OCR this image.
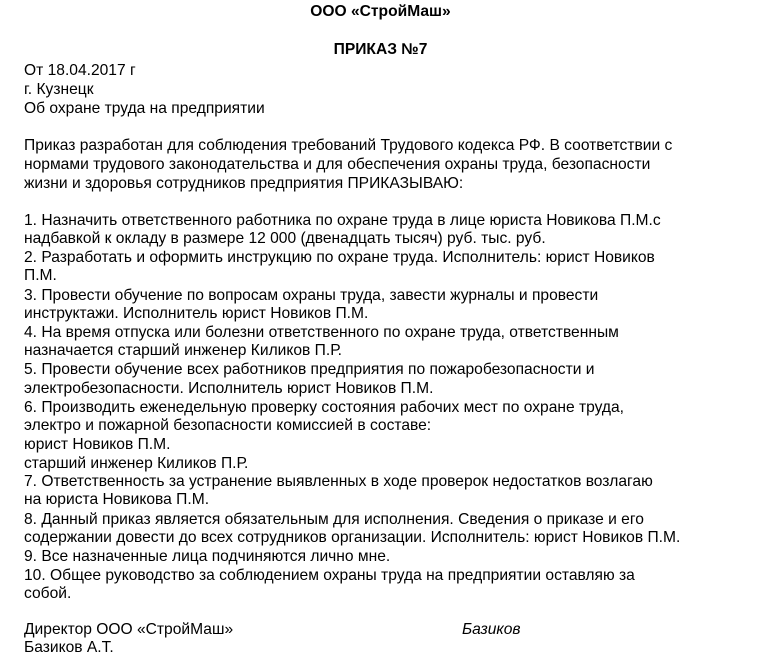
ООО «СтройМаш»
ПРИКАЗ №7
От 18.04.2017 г
г. Кузнецк
Об охране труда на предприятии
Приказ разработан для соблюдения требований Трудового кодекса РФ. В соответствии с
нормами трудового законодательства и для обеспечения охраны труда, безопасности
жизни и здоровья сотрудников предприятия ПРИКАЗЫВАЮ:
1. Назначить ответственного работника по охране труда в лице юриста Новикова П.М.с
надбавкой к окладу в размере 12 000 (двенадцать тысяч) руб. тыс. руб.
2. Разработать и оформить инструкцию по охране труда. Исполнитель: юрист Новиков
П.М.
3. Провести обучение по вопросам охраны труда, завести журналы и провести
инструктажи. Исполнитель юрист Новиков П.М.
4. На время отпуска или болезни ответственного по охране труда, ответственным
назначается старший инженер Киликов П.Р.
5. Провести обучение всех работников предприятия по пожаробезопасности и
электробезопасности. Исполнитель юрист Новиков П.М.
6. Производить еженедельную проверку состояния рабочих мест по охране труда,
электро и пожарной безопасности комиссией в составе:
юрист Новиков П.М.
старший инженер Киликов П.Р.
7. Ответственность за устранение выявленных в ходе проверок недостатков возлагаю
на юриста Новикова П.М.
8. Данный приказ является обязательным для исполнения. Сведения о приказе и его
содержании довести до всех сотрудников организации. Исполнитель: юрист Новиков П.М.
9. Все назначенные лица подчиняются лично мне.
10. Общее руководство за соблюдением охраны труда на предприятии оставляю за
собой.
Директор ООО «СтройМаш»	Базиков
Базиков А.Т.
